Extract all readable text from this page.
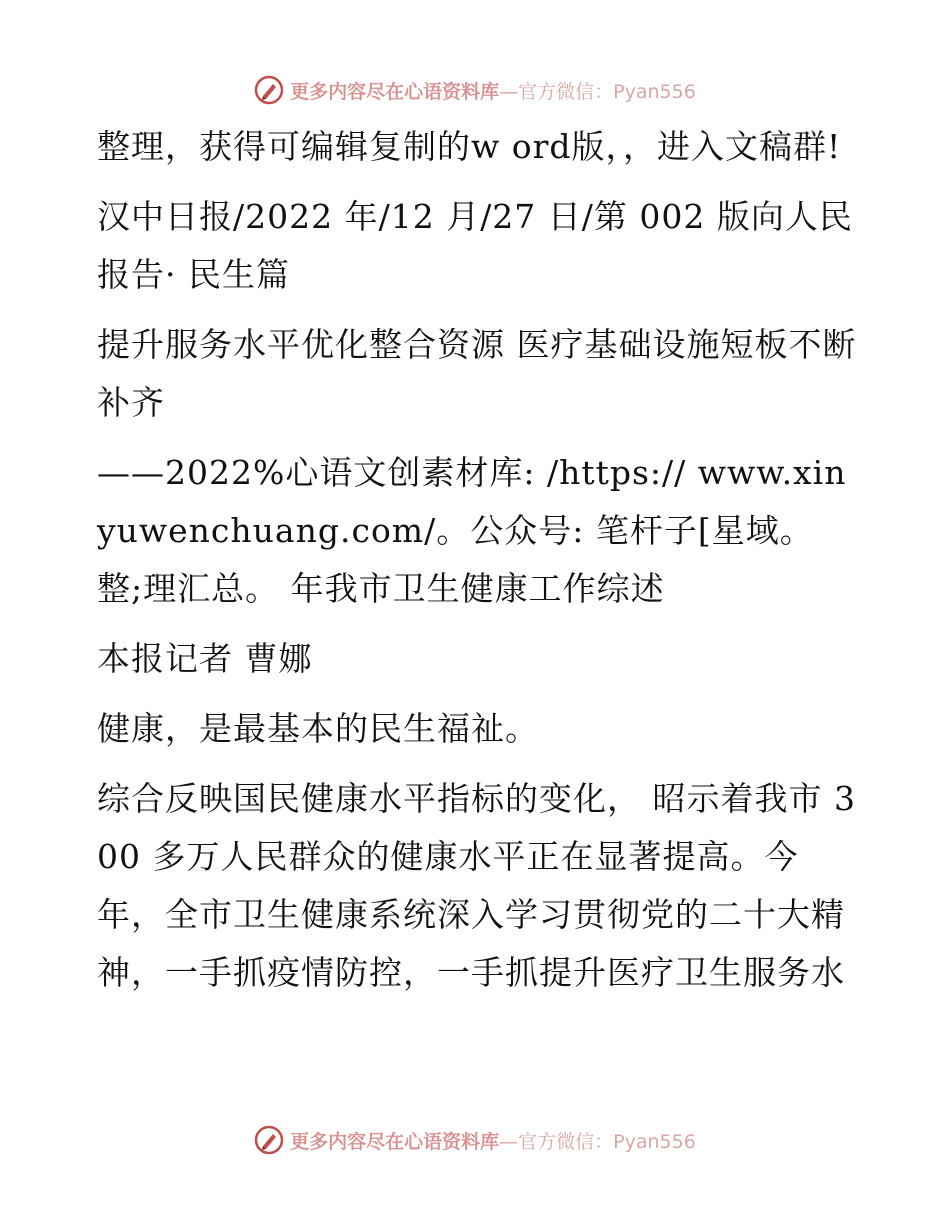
更多内容尽在心语资料库 —官方微信：Pyan556

整理，获得可编辑复制的w ord版，，进入文稿群!

汉中日报/2022 年/12 月/27 日/第 002 版向人民报告· 民生篇

提升服务水平优化整合资源 医疗基础设施短板不断补齐

——2022%心语文创素材库: /https:// www.xinyuwenchuang.com/。公众号: 笔杆子[星域。整;理汇总。 年我市卫生健康工作综述

本报记者 曹娜

健康，是最基本的民生福祉。

综合反映国民健康水平指标的变化， 昭示着我市 300 多万人民群众的健康水平正在显著提高。今年，全市卫生健康系统深入学习贯彻党的二十大精神，一手抓疫情防控，一手抓提升医疗卫生服务水

更多内容尽在心语资料库 —官方微信：Pyan556
